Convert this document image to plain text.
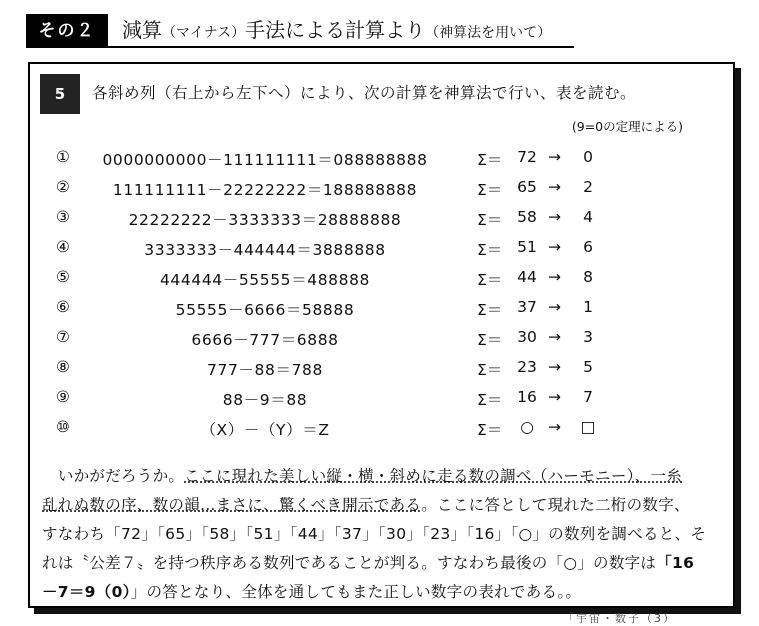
その２	減算（マイナス）手法による計算より（神算法を用いて）
5	各斜め列（右上から左下へ）により、次の計算を神算法で行い、表を読む。
(9=0の定理による)
① 0000000000－111111111＝088888888	Σ＝ 72 →	0
②	111111111－22222222＝188888888	Σ＝ 65 →	2
③	22222222－3333333＝28888888	Σ＝ 58 →	4
④	3333333－444444＝3888888	Σ＝ 51 →	6
⑤	444444－55555＝488888	Σ＝ 44 →	8
⑥	55555－6666＝58888	Σ＝ 37 →	1
⑦	6666－777＝6888	Σ＝ 30 →	3
⑧	777－88＝788	Σ＝ 23 →	5
⑨	88－9＝88	Σ＝ 16 →	7
⑩	（X）－（Y）＝Z	Σ＝	○ → □

　いかがだろうか。ここに現れた美しい縦・横・斜めに走る数の調べ（ハーモニー）、一糸

乱れぬ数の序、数の韻…まさに、驚くべき開示である。ここに答として現れた二桁の数字、

すなわち「72」「65」「58」「51」「44」「37」「30」「23」「16」「○」の数列を調べると、そ

れは〝公差７〟を持つ秩序ある数列であることが判る。すなわち最後の「○」の数字は「16

－7＝9（0）」の答となり、全体を通してもまた正しい数字の表れである。。

「宇宙・数子（3）
